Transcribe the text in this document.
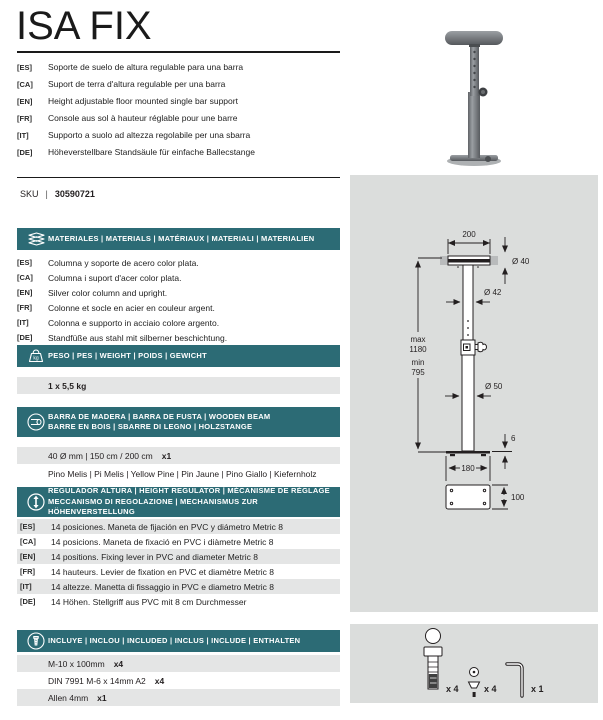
ISA FIX
[ES]	Soporte de suelo de altura regulable para una barra
[CA]	Suport de terra d'altura regulable per una barra
[EN]	Height adjustable floor mounted single bar support
[FR]	Console aus sol à hauteur réglable pour une barre
[IT]	Supporto a suolo ad altezza regolabile per una sbarra
[DE]	Höheverstellbare Standsäule für einfache Ballecstange
SKU | 30590721
MATERIALES | MATERIALS | MATÉRIAUX | MATERIALI | MATERIALIEN
[ES]	Columna y soporte de acero color plata.
[CA]	Columna i suport d'acer color plata.
[EN]	Silver color column and upright.
[FR]	Colonne et socle en acier en couleur argent.
[IT]	Colonna e supporto in acciaio colore argento.
[DE]	Standfüße aus stahl mit silberner beschichtung.
kg PESO | PES | WEIGHT | POIDS | GEWICHT
1 x 5,5 kg
BARRA DE MADERA | BARRA DE FUSTA | WOODEN BEAM
BARRE EN BOIS | SBARRE DI LEGNO | HOLZSTANGE
40 Ø mm | 150 cm / 200 cm x1
Pino Melis | Pi Melis | Yellow Pine | Pin Jaune | Pino Giallo | Kiefernholz
REGULADOR ALTURA | HEIGHT REGULATOR | MÉCANISME DE RÉGLAGE
MECCANISMO DI REGOLAZIONE | MECHANISMUS ZUR HÖHENVERSTELLUNG
[ES]	14 posiciones. Maneta de fijación en PVC y diámetro Metric 8
[CA]	14 posicions. Maneta de fixació en PVC i diàmetre Metric 8
[EN]	14 positions. Fixing lever in PVC and diameter Metric 8
[FR]	14 hauteurs. Levier de fixation en PVC et diamètre Metric 8
[IT]	14 altezze. Manetta di fissaggio in PVC e diametro Metric 8
[DE]	14 Höhen. Stellgriff aus PVC mit 8 cm Durchmesser
INCLUYE | INCLOU | INCLUDED | INCLUS | INCLUDE | ENTHALTEN
M-10 x 100mm x4
DIN 7991 M-6 x 14mm A2 x4
Allen 4mm x1
200
Ø 40
max
1180
min
795
Ø 42
Ø 50
6
180
100
x 4	x 4	x 1
